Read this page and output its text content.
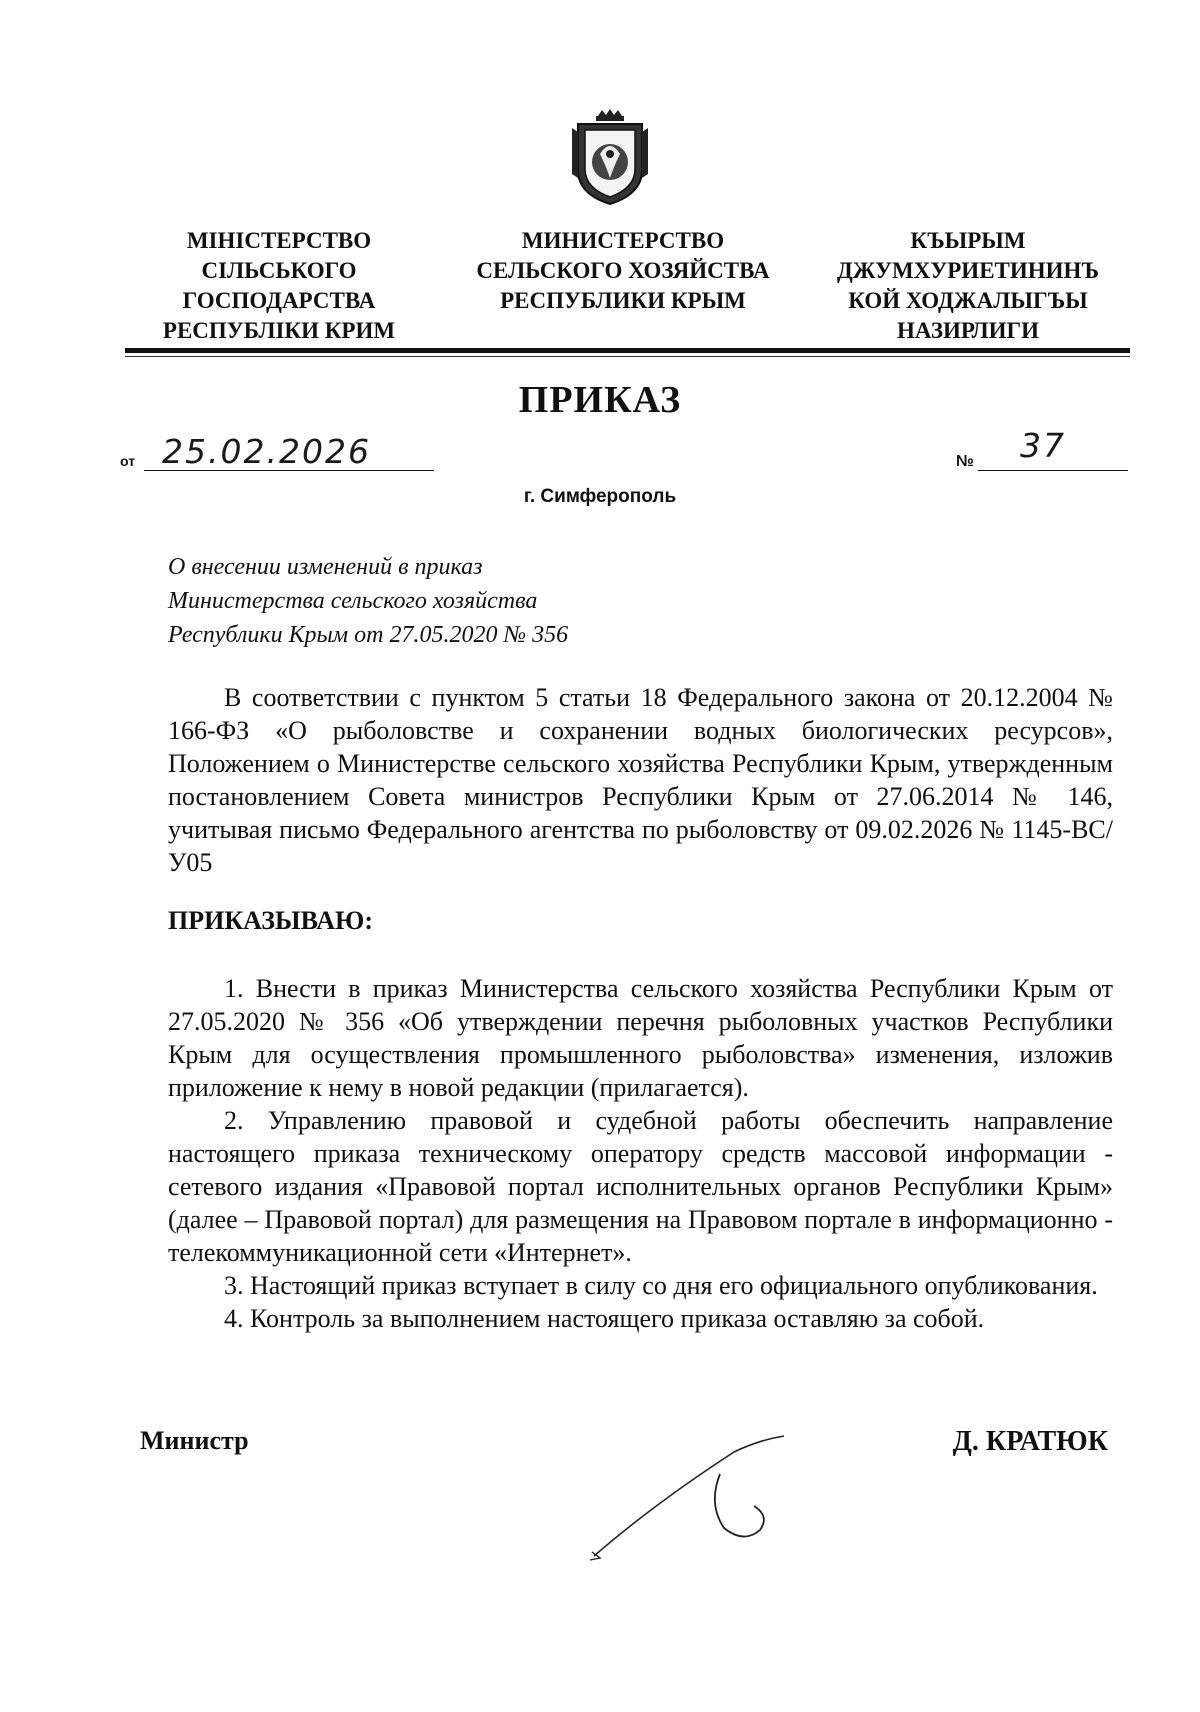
МІНІСТЕРСТВО
СІЛЬСЬКОГО
ГОСПОДАРСТВА
РЕСПУБЛІКИ КРИМ
МИНИСТЕРСТВО
СЕЛЬСКОГО ХОЗЯЙСТВА
РЕСПУБЛИКИ КРЫМ
КЪЫРЫМ
ДЖУМХУРИЕТИНИНЪ
КОЙ ХОДЖАЛЫГЪЫ
НАЗИРЛИГИ
ПРИКАЗ
от 25.02.2026	№ 37
г. Симферополь
О внесении изменений в приказ
Министерства сельского хозяйства
Республики Крым от 27.05.2020 № 356

В соответствии с пунктом 5 статьи 18 Федерального закона от 20.12.2004 № 166-ФЗ «О рыболовстве и сохранении водных биологических ресурсов», Положением о Министерстве сельского хозяйства Республики Крым, утвержденным постановлением Совета министров Республики Крым от 27.06.2014 № 146, учитывая письмо Федерального агентства по рыболовству от 09.02.2026 № 1145-ВС/У05

ПРИКАЗЫВАЮ:

1. Внести в приказ Министерства сельского хозяйства Республики Крым от 27.05.2020 № 356 «Об утверждении перечня рыболовных участков Республики Крым для осуществления промышленного рыболовства» изменения, изложив приложение к нему в новой редакции (прилагается).

2. Управлению правовой и судебной работы обеспечить направление настоящего приказа техническому оператору средств массовой информации - сетевого издания «Правовой портал исполнительных органов Республики Крым» (далее – Правовой портал) для размещения на Правовом портале в информационно - телекоммуникационной сети «Интернет».

3. Настоящий приказ вступает в силу со дня его официального опубликования.

4. Контроль за выполнением настоящего приказа оставляю за собой.

Министр	Д. КРАТЮК
